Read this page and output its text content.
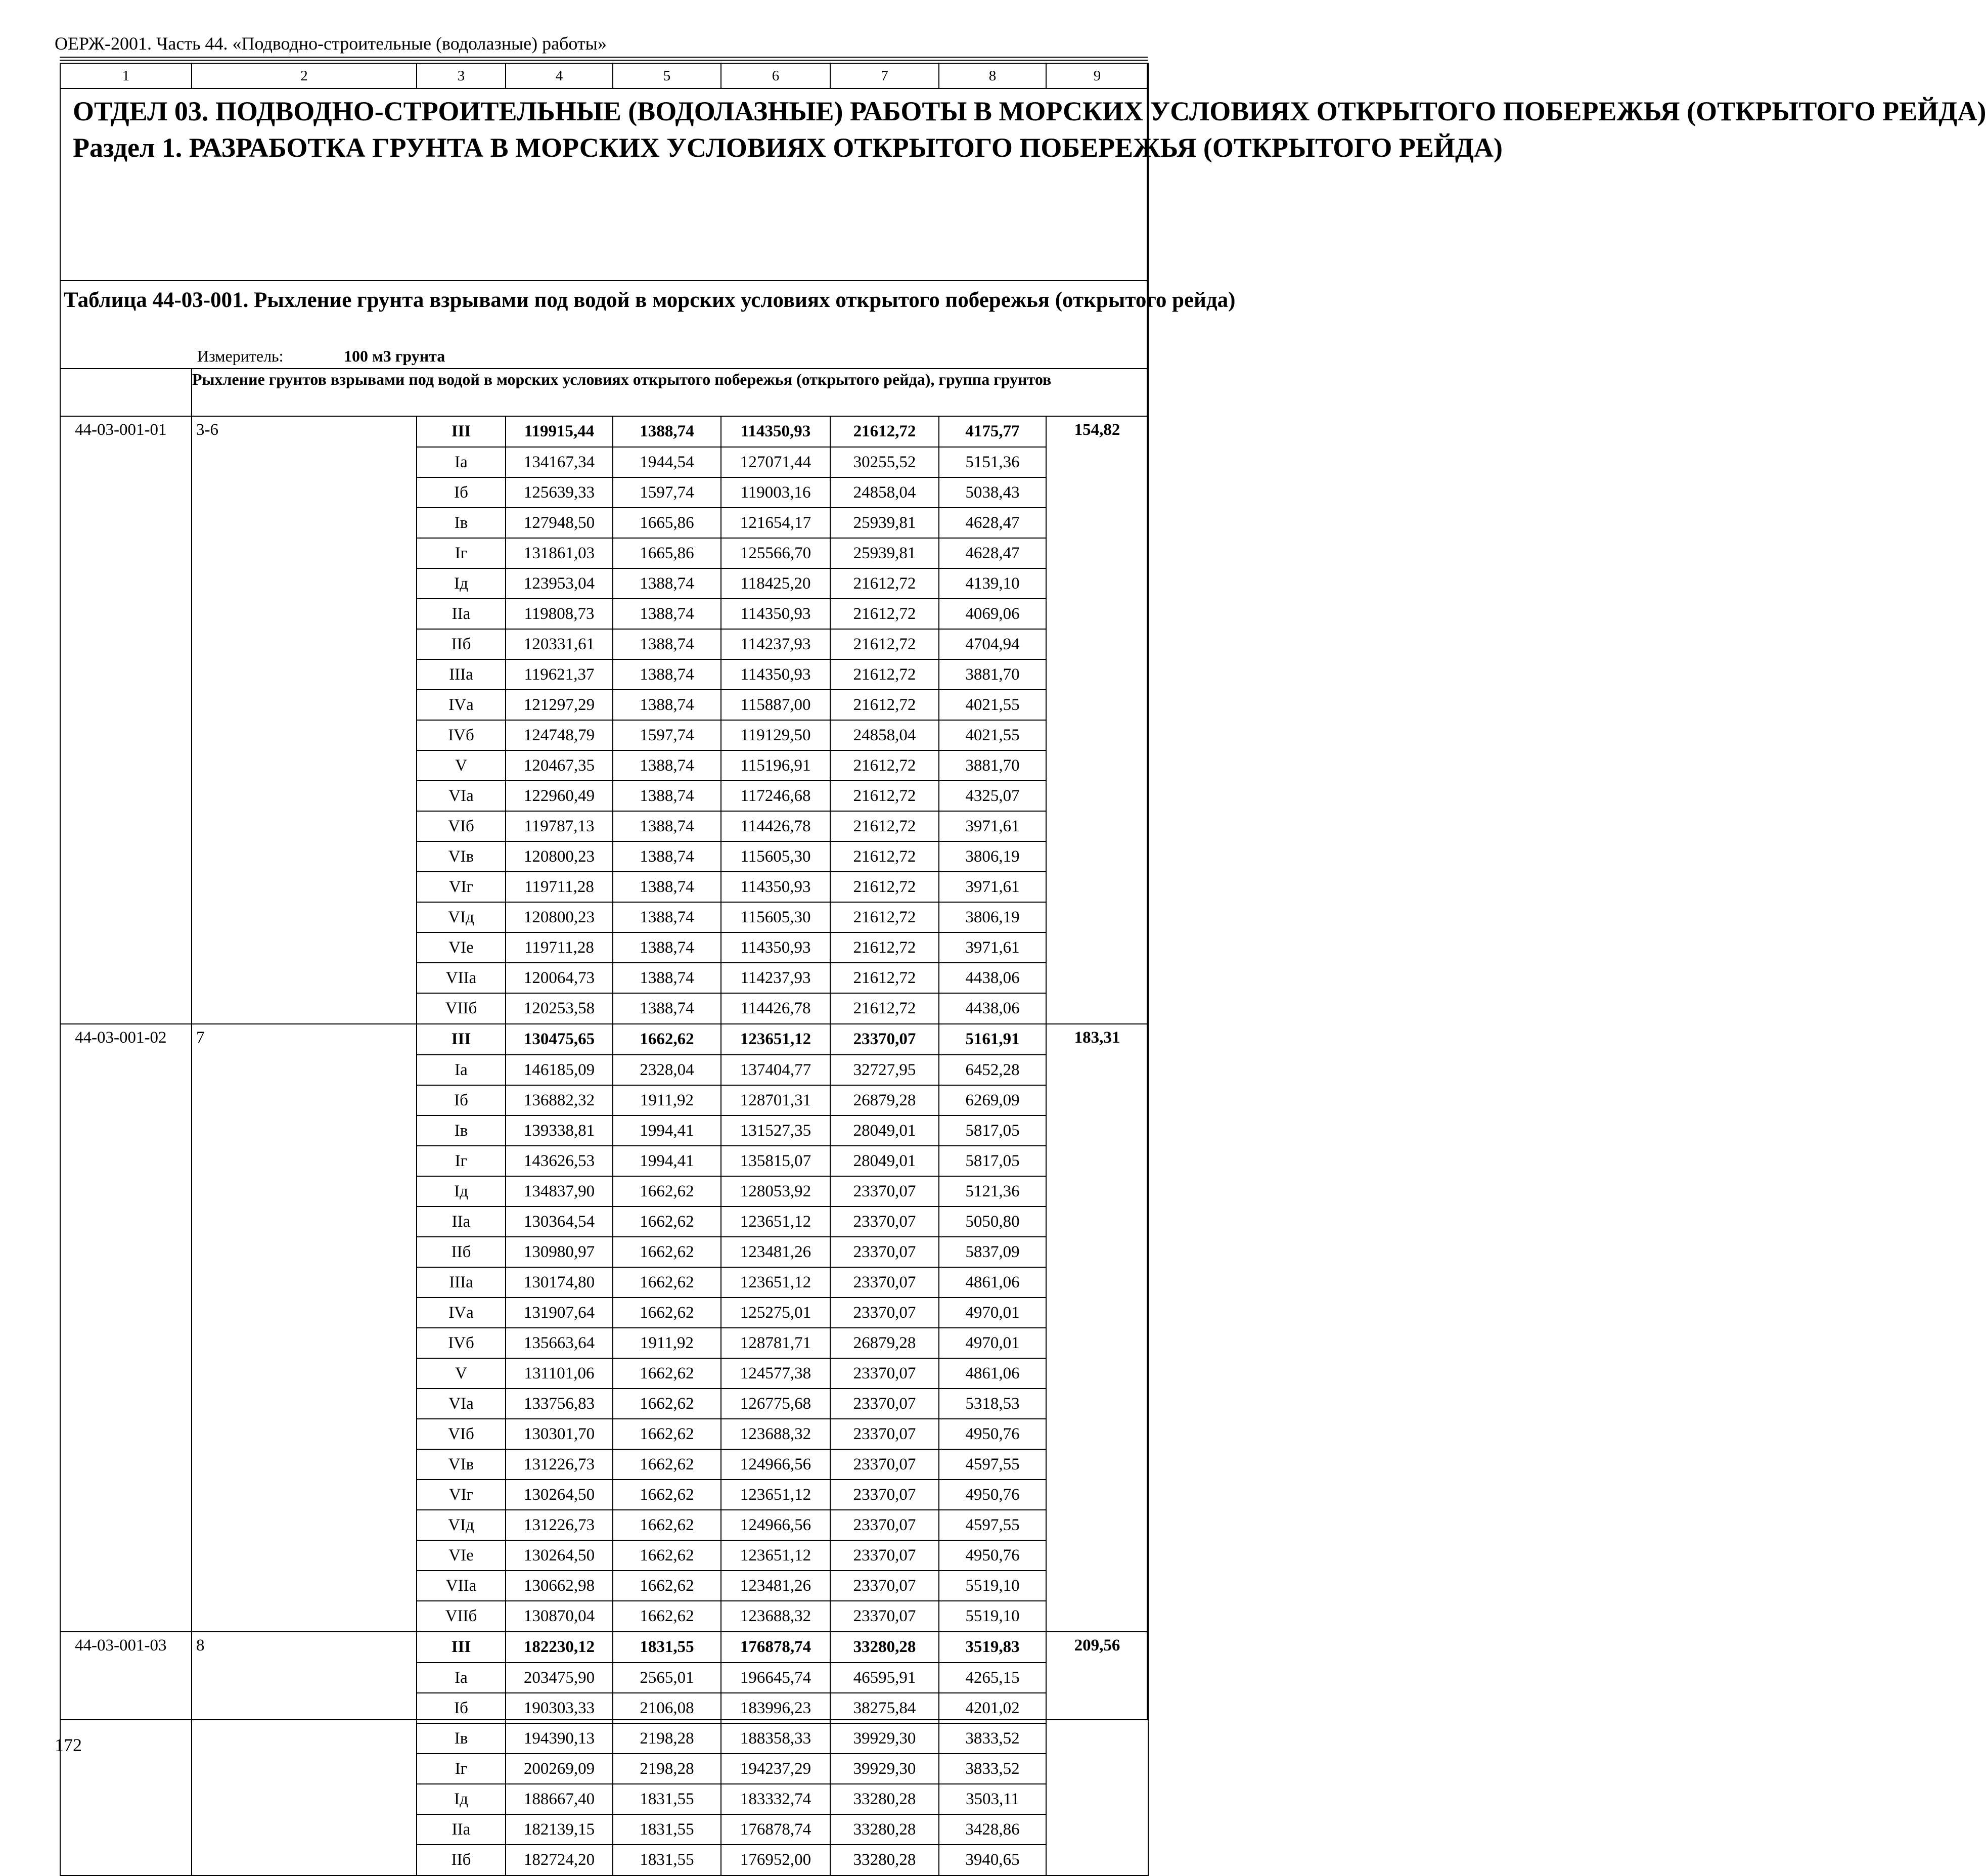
ОЕРЖ-2001. Часть 44. «Подводно-строительные (водолазные) работы»
1	2	3	4	5	6	7	8	9

ОТДЕЛ 03. ПОДВОДНО-СТРОИТЕЛЬНЫЕ (ВОДОЛАЗНЫЕ) РАБОТЫ В МОРСКИХ УСЛОВИЯХ ОТКРЫТОГО ПОБЕРЕЖЬЯ (ОТКРЫТОГО РЕЙДА)
Раздел 1. РАЗРАБОТКА ГРУНТА В МОРСКИХ УСЛОВИЯХ ОТКРЫТОГО ПОБЕРЕЖЬЯ (ОТКРЫТОГО РЕЙДА)								

Таблица 44-03-001. Рыхление грунта взрывами под водой в морских условиях открытого побережья (открытого рейда)
Измеритель: 100 м3 грунта								

	Рыхление грунтов взрывами под водой в морских условиях открытого побережья (открытого рейда), группа грунтов							
44-03-001-01	3-6	III	119915,44	1388,74	114350,93	21612,72	4175,77	154,82
		Iа	134167,34	1944,54	127071,44	30255,52	5151,36	
		Iб	125639,33	1597,74	119003,16	24858,04	5038,43	
		Iв	127948,50	1665,86	121654,17	25939,81	4628,47	
		Iг	131861,03	1665,86	125566,70	25939,81	4628,47	
		Iд	123953,04	1388,74	118425,20	21612,72	4139,10	
		IIа	119808,73	1388,74	114350,93	21612,72	4069,06	
		IIб	120331,61	1388,74	114237,93	21612,72	4704,94	
		IIIа	119621,37	1388,74	114350,93	21612,72	3881,70	
		IVа	121297,29	1388,74	115887,00	21612,72	4021,55	
		IVб	124748,79	1597,74	119129,50	24858,04	4021,55	
		V	120467,35	1388,74	115196,91	21612,72	3881,70	
		VIа	122960,49	1388,74	117246,68	21612,72	4325,07	
		VIб	119787,13	1388,74	114426,78	21612,72	3971,61	
		VIв	120800,23	1388,74	115605,30	21612,72	3806,19	
		VIг	119711,28	1388,74	114350,93	21612,72	3971,61	
		VIд	120800,23	1388,74	115605,30	21612,72	3806,19	
		VIе	119711,28	1388,74	114350,93	21612,72	3971,61	
		VIIа	120064,73	1388,74	114237,93	21612,72	4438,06	
		VIIб	120253,58	1388,74	114426,78	21612,72	4438,06	
44-03-001-02	7	III	130475,65	1662,62	123651,12	23370,07	5161,91	183,31
		Iа	146185,09	2328,04	137404,77	32727,95	6452,28	
		Iб	136882,32	1911,92	128701,31	26879,28	6269,09	
		Iв	139338,81	1994,41	131527,35	28049,01	5817,05	
		Iг	143626,53	1994,41	135815,07	28049,01	5817,05	
		Iд	134837,90	1662,62	128053,92	23370,07	5121,36	
		IIа	130364,54	1662,62	123651,12	23370,07	5050,80	
		IIб	130980,97	1662,62	123481,26	23370,07	5837,09	
		IIIа	130174,80	1662,62	123651,12	23370,07	4861,06	
		IVа	131907,64	1662,62	125275,01	23370,07	4970,01	
		IVб	135663,64	1911,92	128781,71	26879,28	4970,01	
		V	131101,06	1662,62	124577,38	23370,07	4861,06	
		VIа	133756,83	1662,62	126775,68	23370,07	5318,53	
		VIб	130301,70	1662,62	123688,32	23370,07	4950,76	
		VIв	131226,73	1662,62	124966,56	23370,07	4597,55	
		VIг	130264,50	1662,62	123651,12	23370,07	4950,76	
		VIд	131226,73	1662,62	124966,56	23370,07	4597,55	
		VIе	130264,50	1662,62	123651,12	23370,07	4950,76	
		VIIа	130662,98	1662,62	123481,26	23370,07	5519,10	
		VIIб	130870,04	1662,62	123688,32	23370,07	5519,10	
44-03-001-03	8	III	182230,12	1831,55	176878,74	33280,28	3519,83	209,56
		Iа	203475,90	2565,01	196645,74	46595,91	4265,15	
		Iб	190303,33	2106,08	183996,23	38275,84	4201,02	
		Iв	194390,13	2198,28	188358,33	39929,30	3833,52	
		Iг	200269,09	2198,28	194237,29	39929,30	3833,52	
		Iд	188667,40	1831,55	183332,74	33280,28	3503,11	
		IIа	182139,15	1831,55	176878,74	33280,28	3428,86	
		IIб	182724,20	1831,55	176952,00	33280,28	3940,65	
172
